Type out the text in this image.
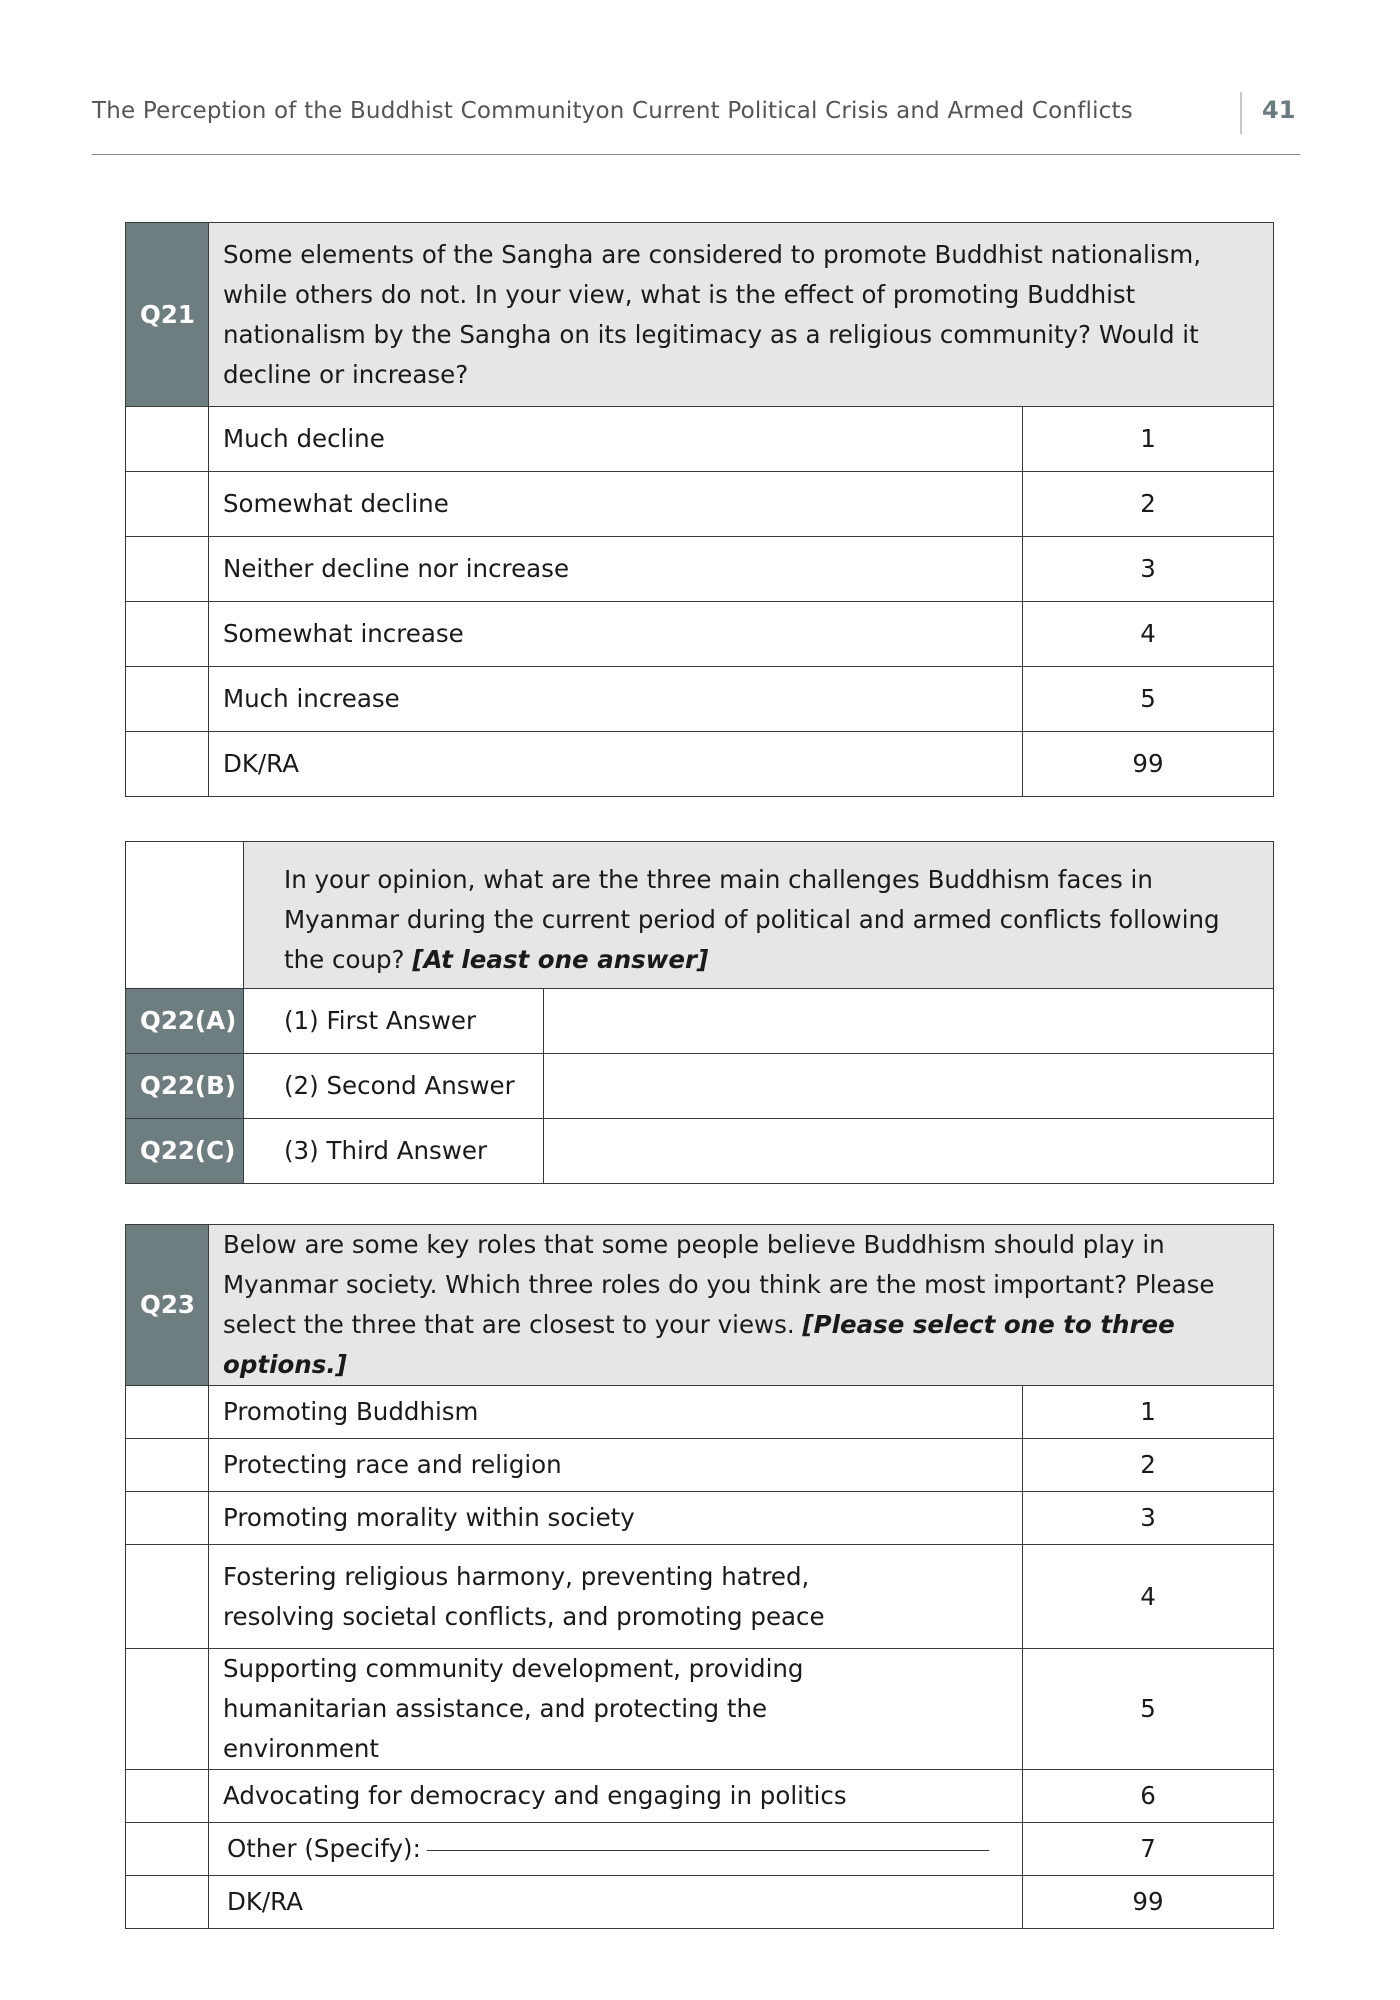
The Perception of the Buddhist Communityon Current Political Crisis and Armed Conflicts	41
Q21	Some elements of the Sangha are considered to promote Buddhist nationalism, while others do not. In your view, what is the effect of promoting Buddhist nationalism by the Sangha on its legitimacy as a religious community? Would it decline or increase?	
	Much decline	1
	Somewhat decline	2
	Neither decline nor increase	3
	Somewhat increase	4
	Much increase	5
	DK/RA	99
	In your opinion, what are the three main challenges Buddhism faces in Myanmar during the current period of political and armed conflicts following the coup? [At least one answer]	
Q22(A)	(1) First Answer	
Q22(B)	(2) Second Answer	
Q22(C)	(3) Third Answer	
Q23	Below are some key roles that some people believe Buddhism should play in Myanmar society. Which three roles do you think are the most important? Please select the three that are closest to your views. [Please select one to three options.]	
	Promoting Buddhism	1
	Protecting race and religion	2
	Promoting morality within society	3
	Fostering religious harmony, preventing hatred, resolving societal conflicts, and promoting peace	4
	Supporting community development, providing humanitarian assistance, and protecting the environment	5
	Advocating for democracy and engaging in politics	6
	Other (Specify):	7
	DK/RA	99
